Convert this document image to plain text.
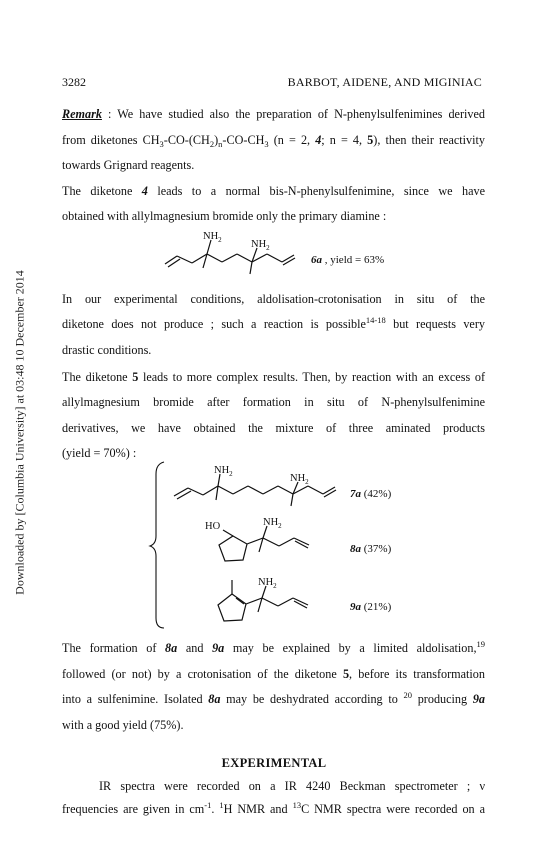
Downloaded by [Columbia University] at 03:48 10 December 2014
3282	BARBOT, AIDENE, AND MIGINIAC
Remark : We have studied also the preparation of N-phenylsulfenimines derived
from diketones $CH_3-CO-(CH_2)_n-CO-CH_3$ (n = 2, 4; n = 4, 5), then their reactivity
towards Grignard reagents.
The diketone 4 leads to a normal bis-N-phenylsulfenimine, since we have
obtained with allylmagnesium bromide only the primary diamine :
$NH_2$	$NH_2$
6a , yield = 63%
In our experimental conditions, aldolisation-crotonisation in situ of the
diketone does not produce ; such a reaction is possible$^{14-18}$ but requests very
drastic conditions.
The diketone 5 leads to more complex results. Then, by reaction with an excess of
allylmagnesium bromide after formation in situ of N-phenylsulfenimine
derivatives, we have obtained the mixture of three aminated products
(yield = 70%) :
$NH_2$	$NH_2$
7a (42%)
HO	$NH_2$
8a (37%)
$NH_2$
9a (21%)
The formation of 8a and 9a may be explained by a limited aldolisation,$^{19}$
followed (or not) by a crotonisation of the diketone 5, before its transformation
into a sulfenimine. Isolated 8a may be deshydrated according to $^{20}$ producing 9a
with a good yield (75%).
EXPERIMENTAL
IR spectra were recorded on a IR 4240 Beckman spectrometer ; ν
frequencies are given in $cm^{-1}$. $^1$H NMR and $^{13}$C NMR spectra were recorded on a
